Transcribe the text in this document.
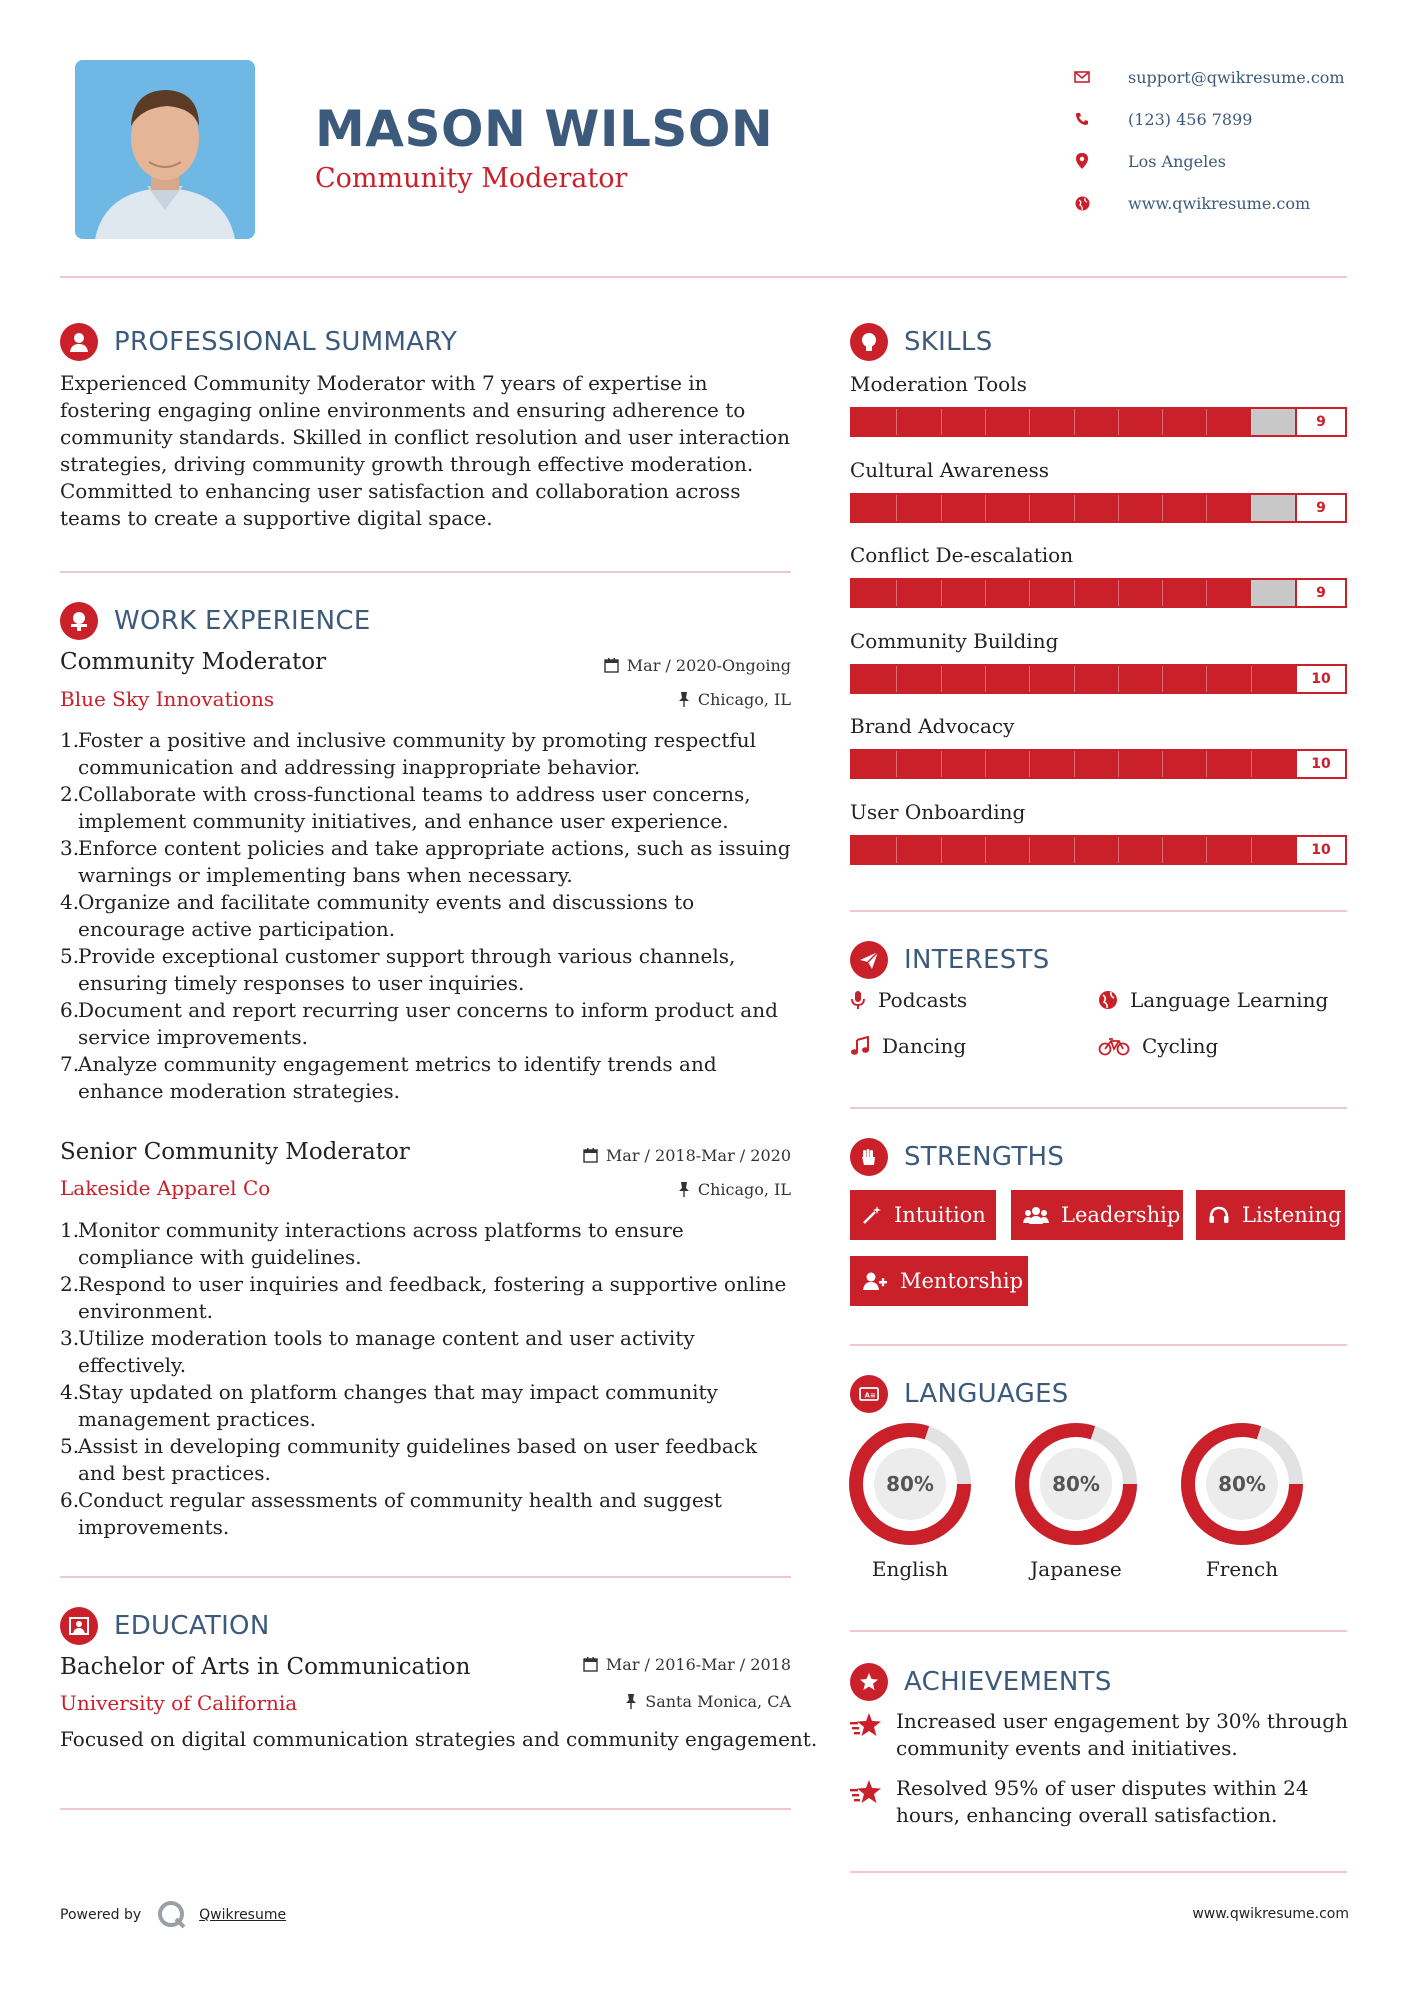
MASON WILSON
Community Moderator
support@qwikresume.com
(123) 456 7899
Los Angeles
www.qwikresume.com
PROFESSIONAL SUMMARY
Experienced Community Moderator with 7 years of expertise in fostering engaging online environments and ensuring adherence to community standards. Skilled in conflict resolution and user interaction strategies, driving community growth through effective moderation. Committed to enhancing user satisfaction and collaboration across teams to create a supportive digital space.
WORK EXPERIENCE
Community Moderator	Mar / 2020-Ongoing
Blue Sky Innovations	Chicago, IL
Foster a positive and inclusive community by promoting respectful communication and addressing inappropriate behavior.
Collaborate with cross-functional teams to address user concerns, implement community initiatives, and enhance user experience.
Enforce content policies and take appropriate actions, such as issuing warnings or implementing bans when necessary.
Organize and facilitate community events and discussions to encourage active participation.
Provide exceptional customer support through various channels, ensuring timely responses to user inquiries.
Document and report recurring user concerns to inform product and service improvements.
Analyze community engagement metrics to identify trends and enhance moderation strategies.
Senior Community Moderator	Mar / 2018-Mar / 2020
Lakeside Apparel Co	Chicago, IL
Monitor community interactions across platforms to ensure compliance with guidelines.
Respond to user inquiries and feedback, fostering a supportive online environment.
Utilize moderation tools to manage content and user activity effectively.
Stay updated on platform changes that may impact community management practices.
Assist in developing community guidelines based on user feedback and best practices.
Conduct regular assessments of community health and suggest improvements.
EDUCATION
Bachelor of Arts in Communication	Mar / 2016-Mar / 2018
University of California	Santa Monica, CA
Focused on digital communication strategies and community engagement.
SKILLS
Moderation Tools
9
Cultural Awareness
9
Conflict De-escalation
9
Community Building
10
Brand Advocacy
10
User Onboarding
10
INTERESTS
Podcasts	Language Learning
Dancing	Cycling
STRENGTHS
Intuition	Leadership	Listening
Mentorship
A ≡ LANGUAGES
80%
English
80%
Japanese
80%
French
ACHIEVEMENTS
Increased user engagement by 30% through community events and initiatives.
Resolved 95% of user disputes within 24 hours, enhancing overall satisfaction.
Powered by	Qwikresume	www.qwikresume.com
